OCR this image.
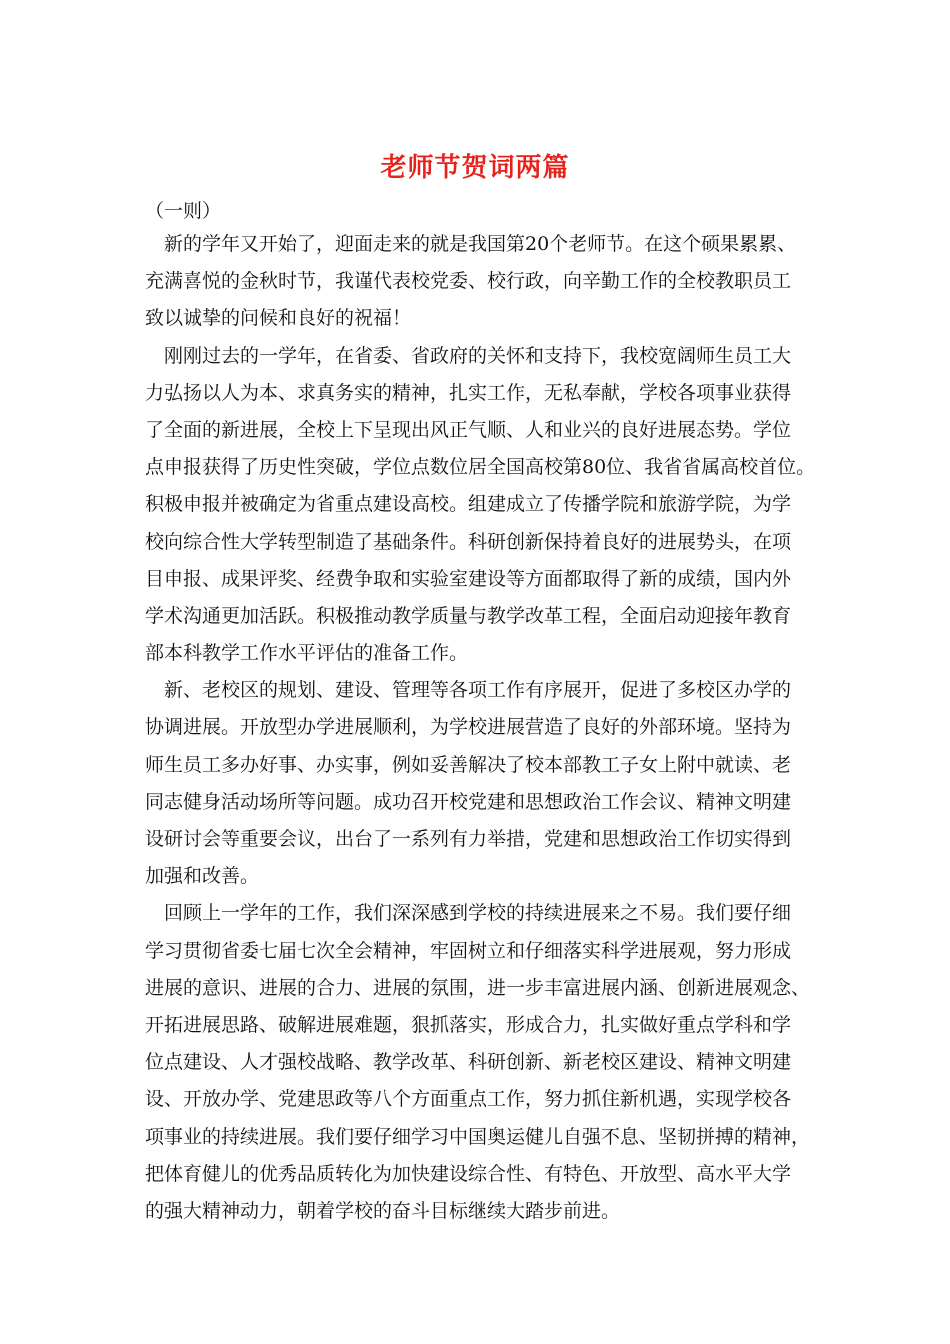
老师节贺词两篇
（一则）
新的学年又开始了，迎面走来的就是我国第20个老师节。在这个硕果累累、
充满喜悦的金秋时节，我谨代表校党委、校行政，向辛勤工作的全校教职员工
致以诚挚的问候和良好的祝福！
刚刚过去的一学年，在省委、省政府的关怀和支持下，我校宽阔师生员工大
力弘扬以人为本、求真务实的精神，扎实工作，无私奉献，学校各项事业获得
了全面的新进展，全校上下呈现出风正气顺、人和业兴的良好进展态势。学位
点申报获得了历史性突破，学位点数位居全国高校第80位、我省省属高校首位。
积极申报并被确定为省重点建设高校。组建成立了传播学院和旅游学院，为学
校向综合性大学转型制造了基础条件。科研创新保持着良好的进展势头，在项
目申报、成果评奖、经费争取和实验室建设等方面都取得了新的成绩，国内外
学术沟通更加活跃。积极推动教学质量与教学改革工程，全面启动迎接年教育
部本科教学工作水平评估的准备工作。
新、老校区的规划、建设、管理等各项工作有序展开，促进了多校区办学的
协调进展。开放型办学进展顺利，为学校进展营造了良好的外部环境。坚持为
师生员工多办好事、办实事，例如妥善解决了校本部教工子女上附中就读、老
同志健身活动场所等问题。成功召开校党建和思想政治工作会议、精神文明建
设研讨会等重要会议，出台了一系列有力举措，党建和思想政治工作切实得到
加强和改善。
回顾上一学年的工作，我们深深感到学校的持续进展来之不易。我们要仔细
学习贯彻省委七届七次全会精神，牢固树立和仔细落实科学进展观，努力形成
进展的意识、进展的合力、进展的氛围，进一步丰富进展内涵、创新进展观念、
开拓进展思路、破解进展难题，狠抓落实，形成合力，扎实做好重点学科和学
位点建设、人才强校战略、教学改革、科研创新、新老校区建设、精神文明建
设、开放办学、党建思政等八个方面重点工作，努力抓住新机遇，实现学校各
项事业的持续进展。我们要仔细学习中国奥运健儿自强不息、坚韧拼搏的精神，
把体育健儿的优秀品质转化为加快建设综合性、有特色、开放型、高水平大学
的强大精神动力，朝着学校的奋斗目标继续大踏步前进。
